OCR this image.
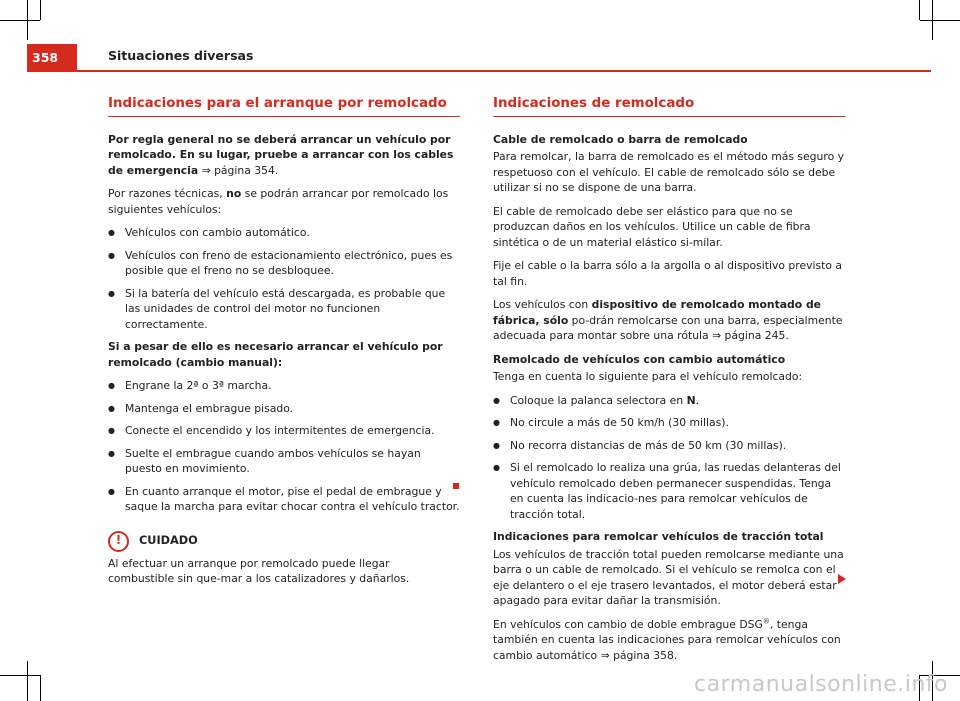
358	Situaciones diversas
Indicaciones para el arranque por remolcado

Por regla general no se deberá arrancar un vehículo por remolcado. En su lugar, pruebe a arrancar con los cables de emergencia ⇒ página 354.

Por razones técnicas, no se podrán arrancar por remolcado los siguientes vehículos:

● Vehículos con cambio automático.
● Vehículos con freno de estacionamiento electrónico, pues es posible que el freno no se desbloquee.
● Si la batería del vehículo está descargada, es probable que las unidades de control del motor no funcionen correctamente.

Si a pesar de ello es necesario arrancar el vehículo por remolcado (cambio manual):

● Engrane la 2ª o 3ª marcha.
● Mantenga el embrague pisado.
● Conecte el encendido y los intermitentes de emergencia.
● Suelte el embrague cuando ambos vehículos se hayan puesto en movimiento.
● En cuanto arranque el motor, pise el pedal de embrague y saque la marcha para evitar chocar contra el vehículo tractor.
!	CUIDADO

Al efectuar un arranque por remolcado puede llegar combustible sin que-mar a los catalizadores y dañarlos.

Indicaciones de remolcado

Cable de remolcado o barra de remolcado

Para remolcar, la barra de remolcado es el método más seguro y respetuoso con el vehículo. El cable de remolcado sólo se debe utilizar si no se dispone de una barra.

El cable de remolcado debe ser elástico para que no se produzcan daños en los vehículos. Utilice un cable de fibra sintética o de un material elástico si-milar.

Fije el cable o la barra sólo a la argolla o al dispositivo previsto a tal fin.

Los vehículos con dispositivo de remolcado montado de fábrica, sólo po-drán remolcarse con una barra, especialmente adecuada para montar sobre una rótula ⇒ página 245.

Remolcado de vehículos con cambio automático

Tenga en cuenta lo siguiente para el vehículo remolcado:

● Coloque la palanca selectora en N.
● No circule a más de 50 km/h (30 millas).
● No recorra distancias de más de 50 km (30 millas).
● Si el remolcado lo realiza una grúa, las ruedas delanteras del vehículo remolcado deben permanecer suspendidas. Tenga en cuenta las indicacio-nes para remolcar vehículos de tracción total.

Indicaciones para remolcar vehículos de tracción total

Los vehículos de tracción total pueden remolcarse mediante una barra o un cable de remolcado. Si el vehículo se remolca con el eje delantero o el eje trasero levantados, el motor deberá estar apagado para evitar dañar la transmisión.

En vehículos con cambio de doble embrague DSG®, tenga también en cuenta las indicaciones para remolcar vehículos con cambio automático ⇒ página 358.

carmanualsonline.info
